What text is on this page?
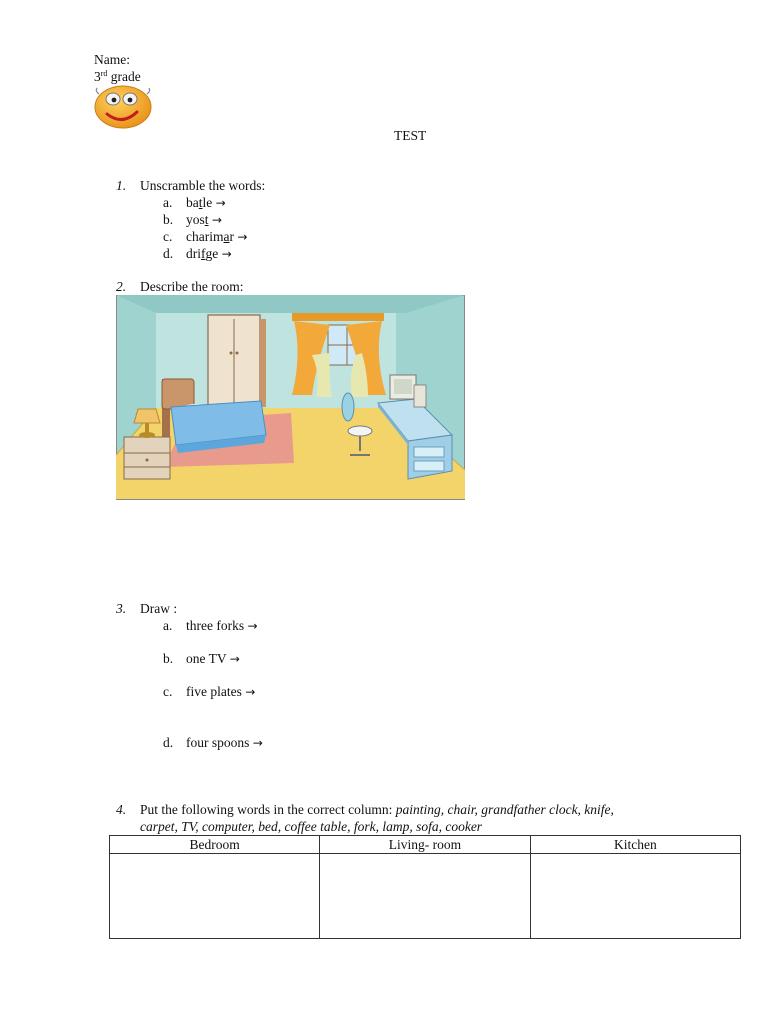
Name:
3rd grade
TEST
1. Unscramble the words:
a. batle →
b. yost →
c. charimar →
d. drifge →
2. Describe the room:
3. Draw :
a. three forks →
b. one TV →
c. five plates →
d. four spoons →
4. Put the following words in the correct column: painting, chair, grandfather clock, knife,
carpet, TV, computer, bed, coffee table, fork, lamp, sofa, cooker
Bedroom	Living- room	Kitchen
